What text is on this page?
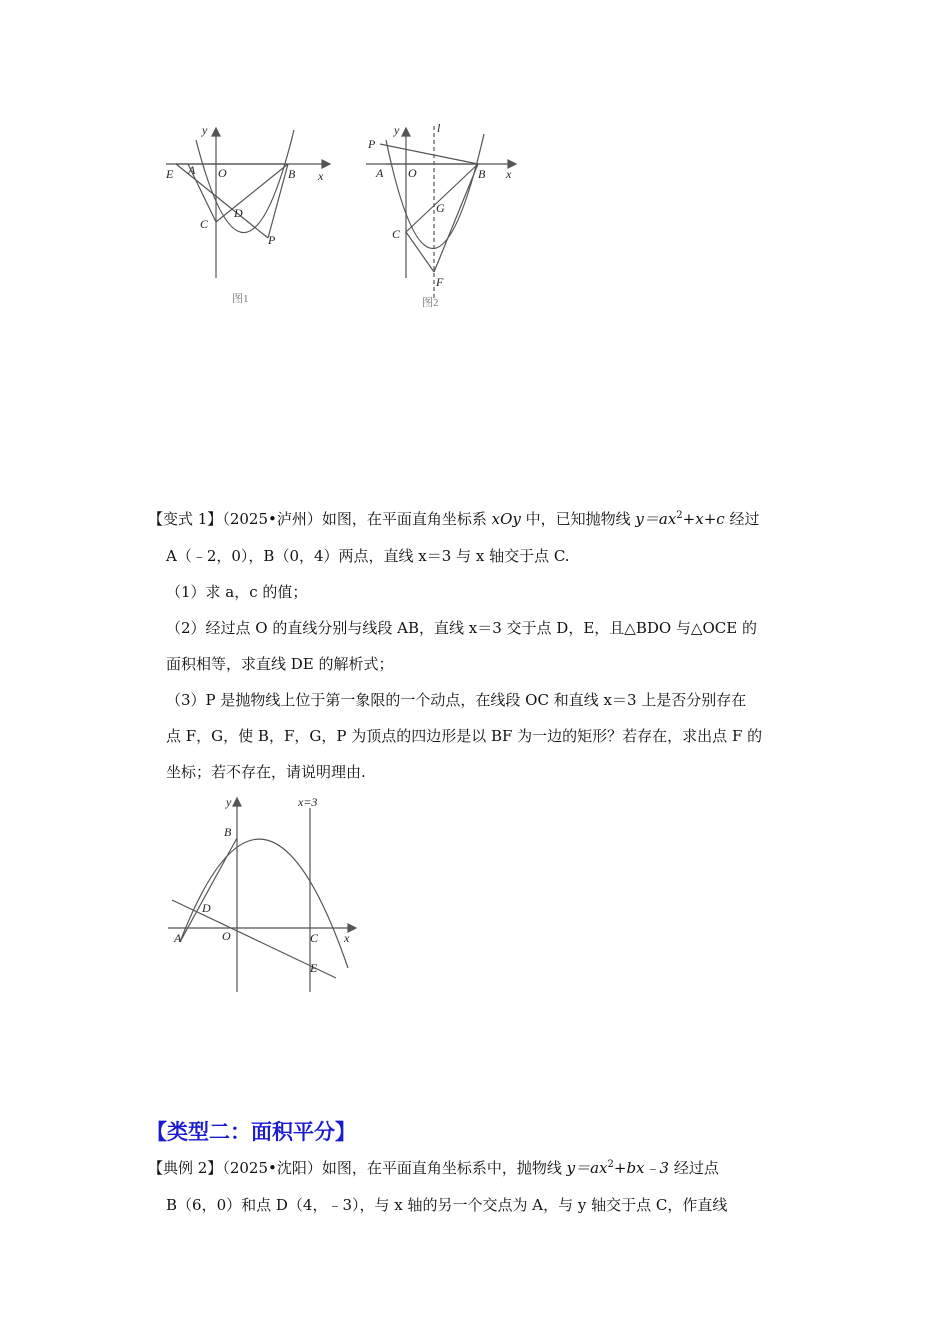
y
x
E A O	B
C
D
P
图1
y	l
P
A O	B x
G
C
F
图2
【变式 1】（2025•泸州）如图，在平面直角坐标系 xOy 中，已知抛物线 $y=ax^2+x+c$ 经过
A（﹣2，0），B（0，4）两点，直线 x＝3 与 x 轴交于点 C.
（1）求 a，c 的值；
（2）经过点 O 的直线分别与线段 AB，直线 x＝3 交于点 D，E，且△BDO 与△OCE 的
面积相等，求直线 DE 的解析式；
（3）P 是抛物线上位于第一象限的一个动点，在线段 OC 和直线 x＝3 上是否分别存在
点 F，G，使 B，F，G，P 为顶点的四边形是以 BF 为一边的矩形？若存在，求出点 F 的
坐标；若不存在，请说明理由.
y	x=3
B
D
A	O	C x
E
【类型二：面积平分】
【典例 2】（2025•沈阳）如图，在平面直角坐标系中，抛物线 $y=ax^2+bx﹣3$ 经过点
B（6，0）和点 D（4，﹣3），与 x 轴的另一个交点为 A，与 y 轴交于点 C，作直线
